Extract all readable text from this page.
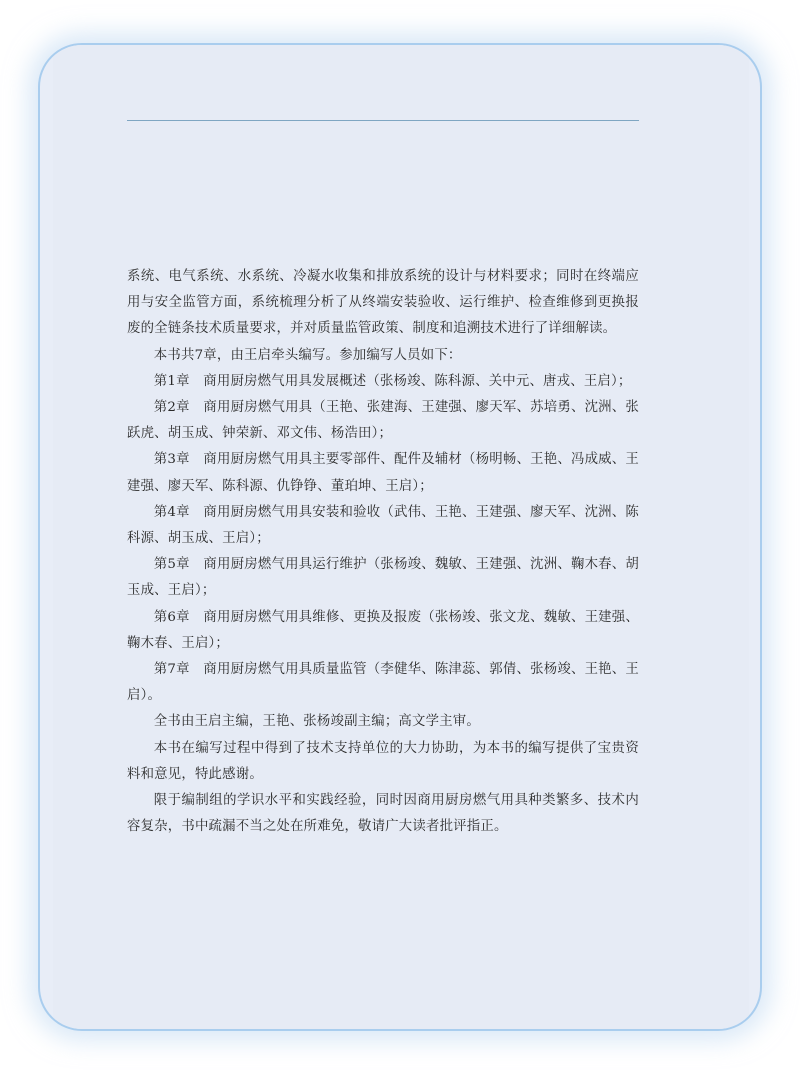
系统、电气系统、水系统、冷凝水收集和排放系统的设计与材料要求；同时在终端应用与安全监管方面，系统梳理分析了从终端安装验收、运行维护、检查维修到更换报废的全链条技术质量要求，并对质量监管政策、制度和追溯技术进行了详细解读。

本书共7章，由王启牵头编写。参加编写人员如下：

第1章　商用厨房燃气用具发展概述（张杨竣、陈科源、关中元、唐戎、王启）；

第2章　商用厨房燃气用具（王艳、张建海、王建强、廖天军、苏培勇、沈洲、张跃虎、胡玉成、钟荣新、邓文伟、杨浩田）；

第3章　商用厨房燃气用具主要零部件、配件及辅材（杨明畅、王艳、冯成威、王建强、廖天军、陈科源、仇铮铮、董珀坤、王启）；

第4章　商用厨房燃气用具安装和验收（武伟、王艳、王建强、廖天军、沈洲、陈科源、胡玉成、王启）；

第5章　商用厨房燃气用具运行维护（张杨竣、魏敏、王建强、沈洲、鞠木春、胡玉成、王启）；

第6章　商用厨房燃气用具维修、更换及报废（张杨竣、张文龙、魏敏、王建强、鞠木春、王启）；

第7章　商用厨房燃气用具质量监管（李健华、陈津蕊、郭倩、张杨竣、王艳、王启）。

全书由王启主编，王艳、张杨竣副主编；高文学主审。

本书在编写过程中得到了技术支持单位的大力协助，为本书的编写提供了宝贵资料和意见，特此感谢。

限于编制组的学识水平和实践经验，同时因商用厨房燃气用具种类繁多、技术内容复杂，书中疏漏不当之处在所难免，敬请广大读者批评指正。
